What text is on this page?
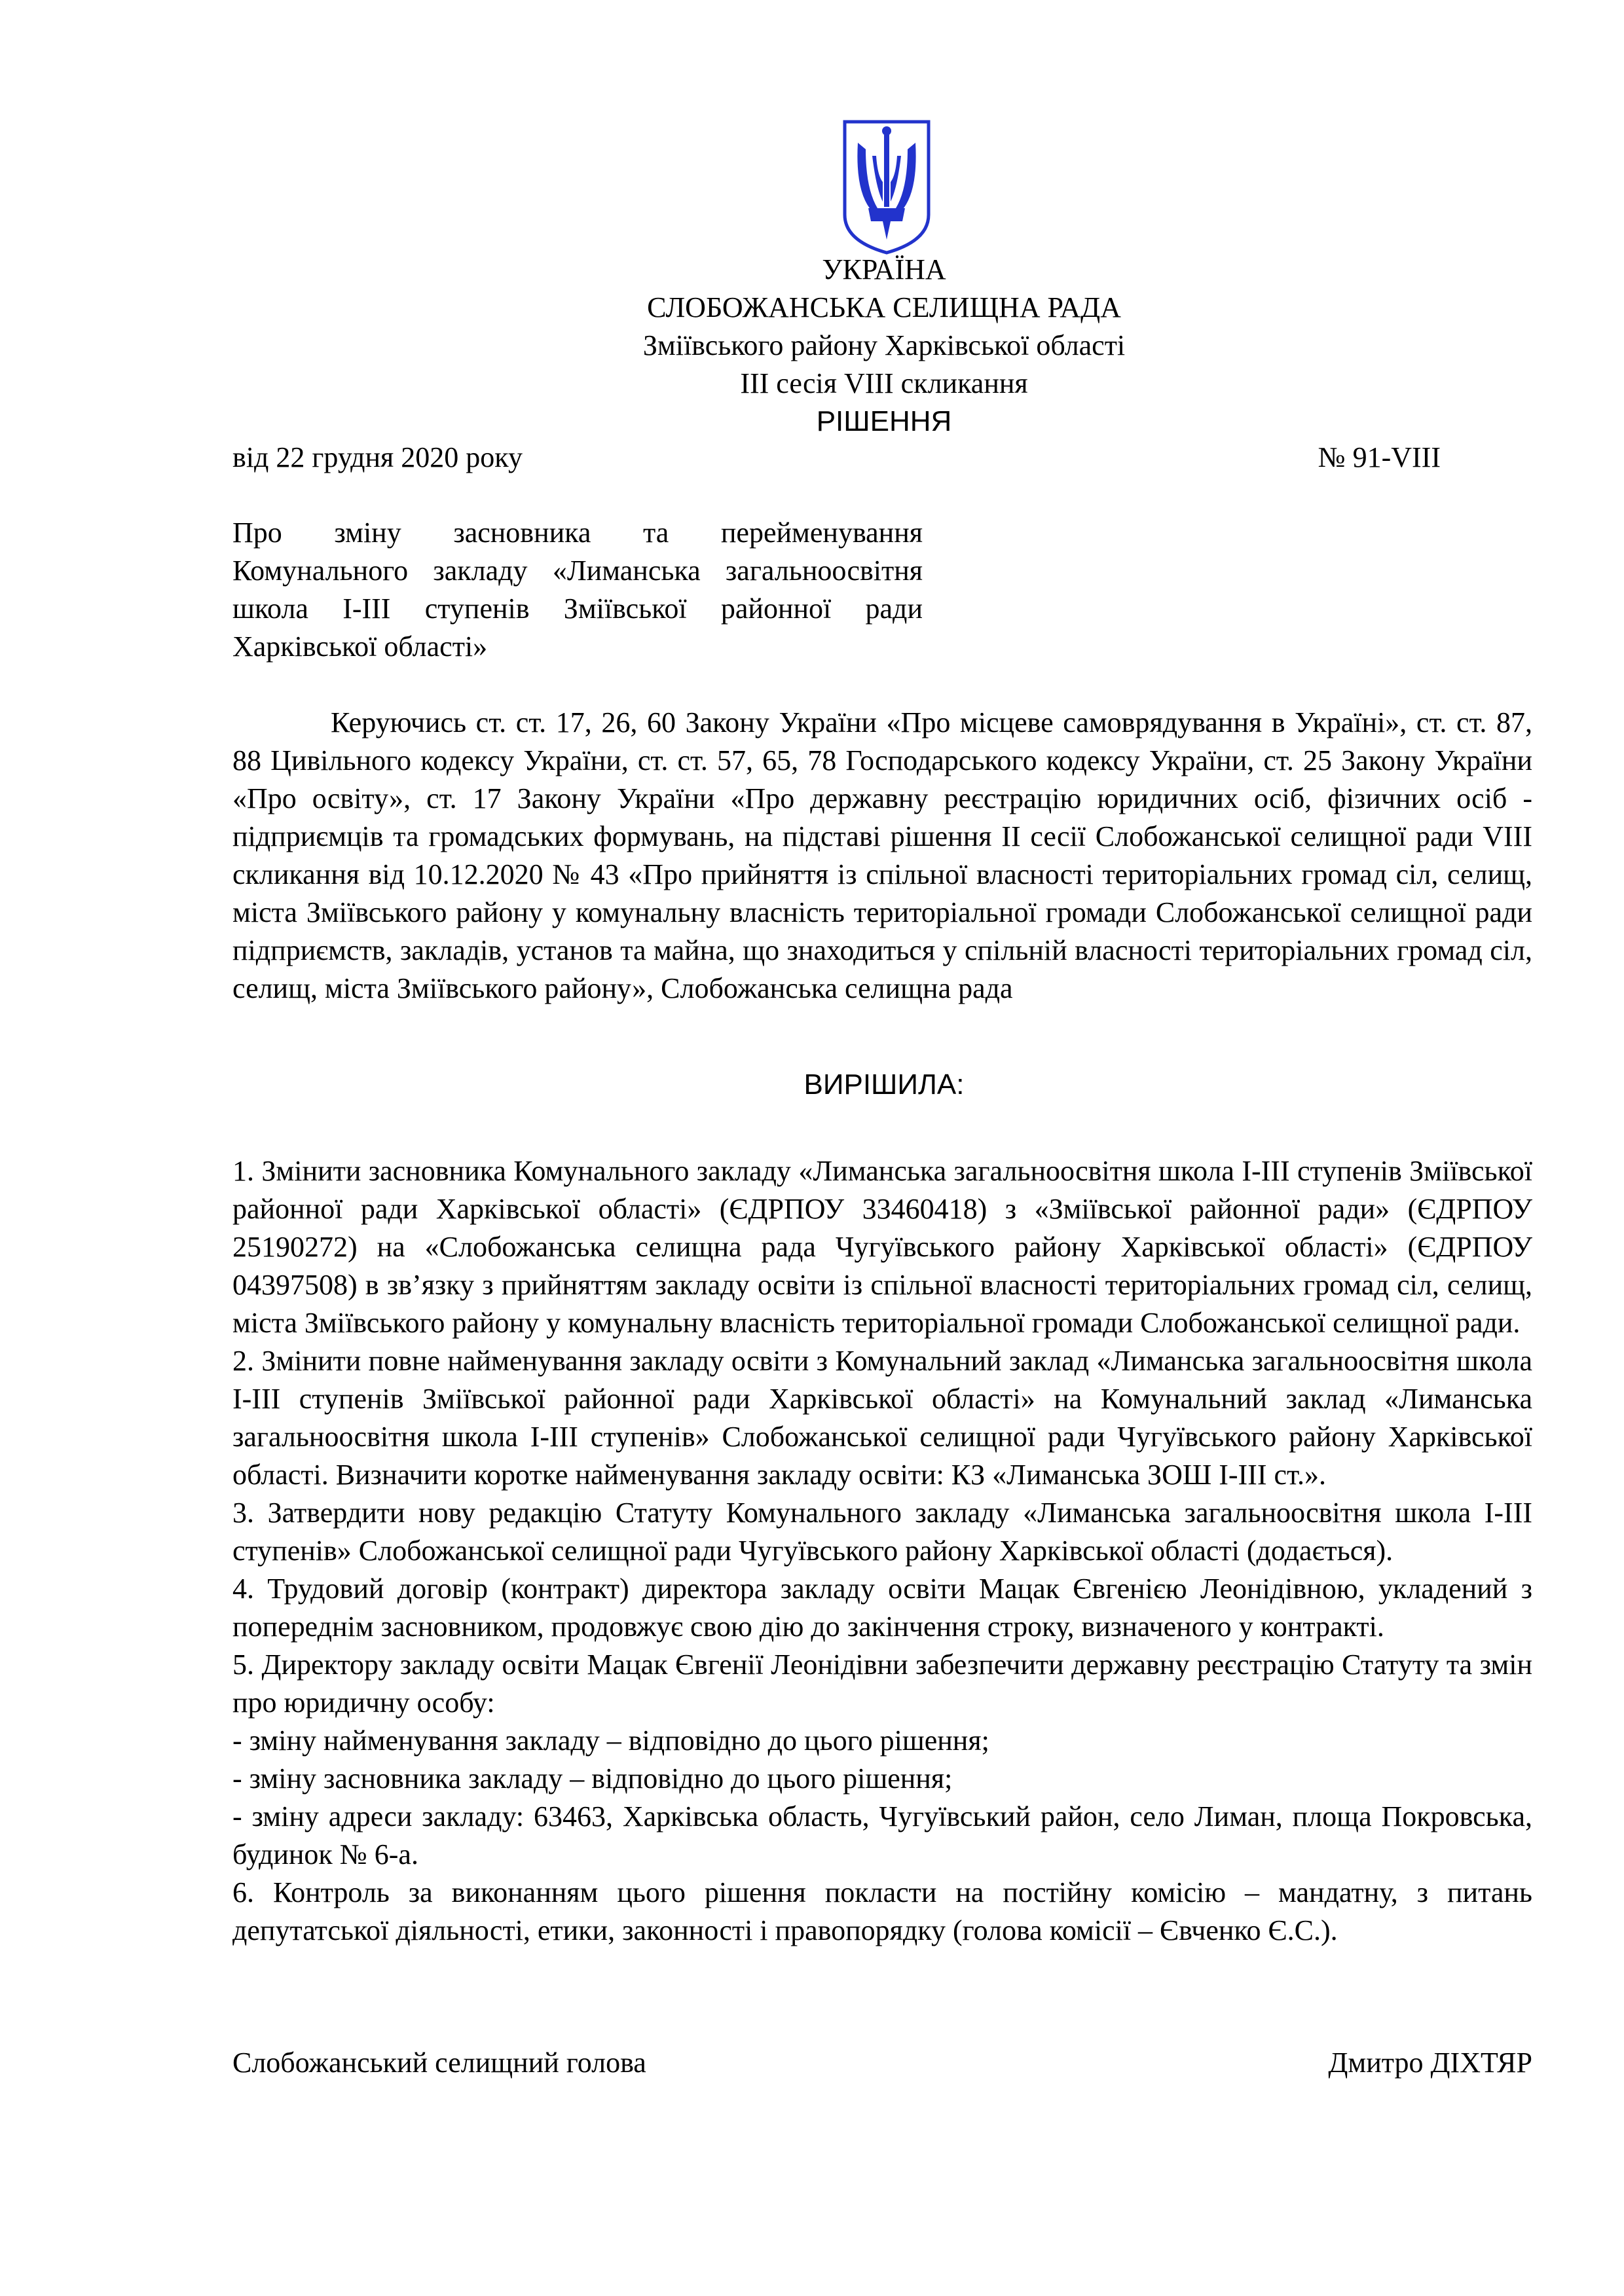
УКРАЇНА
СЛОБОЖАНСЬКА СЕЛИЩНА РАДА
Зміївського району Харківської області
ІІІ сесія VIІІ скликання
РІШЕННЯ
від 22 грудня 2020 року	№ 91-VIIІ
Про зміну засновника та перейменування Комунального закладу «Лиманська загальноосвітня школа І-ІІІ ступенів Зміївської районної ради Харківської області»

Керуючись ст. ст. 17, 26, 60 Закону України «Про місцеве самоврядування в Україні», ст. ст. 87, 88 Цивільного кодексу України, ст. ст. 57, 65, 78 Господарського кодексу України, ст. 25 Закону України «Про освіту», ст. 17 Закону України «Про державну реєстрацію юридичних осіб, фізичних осіб - підприємців та громадських формувань, на підставі рішення ІІ сесії Слобожанської селищної ради VIII скликання від 10.12.2020 № 43 «Про прийняття із спільної власності територіальних громад сіл, селищ, міста Зміївського району у комунальну власність територіальної громади Слобожанської селищної ради підприємств, закладів, установ та майна, що знаходиться у спільній власності територіальних громад сіл, селищ, міста Зміївського району», Слобожанська селищна рада

ВИРІШИЛА:

1. Змінити засновника Комунального закладу «Лиманська загальноосвітня школа І-ІІІ ступенів Зміївської районної ради Харківської області» (ЄДРПОУ 33460418) з «Зміївської районної ради» (ЄДРПОУ 25190272) на «Слобожанська селищна рада Чугуївського району Харківської області» (ЄДРПОУ 04397508) в зв’язку з прийняттям закладу освіти із спільної власності територіальних громад сіл, селищ, міста Зміївського району у комунальну власність територіальної громади Слобожанської селищної ради.

2. Змінити повне найменування закладу освіти з Комунальний заклад «Лиманська загальноосвітня школа І-ІІІ ступенів Зміївської районної ради Харківської області» на Комунальний заклад «Лиманська загальноосвітня школа І-ІІІ ступенів» Слобожанської селищної ради Чугуївського району Харківської області. Визначити коротке найменування закладу освіти: КЗ «Лиманська ЗОШ І-ІІІ ст.».

3. Затвердити нову редакцію Статуту Комунального закладу «Лиманська загальноосвітня школа І-ІІІ ступенів» Слобожанської селищної ради Чугуївського району Харківської області (додається).

4. Трудовий договір (контракт) директора закладу освіти Мацак Євгенією Леонідівною, укладений з попереднім засновником, продовжує свою дію до закінчення строку, визначеного у контракті.

5. Директору закладу освіти Мацак Євгенії Леонідівни забезпечити державну реєстрацію Статуту та змін про юридичну особу:

- зміну найменування закладу – відповідно до цього рішення;

- зміну засновника закладу – відповідно до цього рішення;

- зміну адреси закладу: 63463, Харківська область, Чугуївський район, село Лиман, площа Покровська, будинок № 6-а.

6. Контроль за виконанням цього рішення покласти на постійну комісію – мандатну, з питань депутатської діяльності, етики, законності і правопорядку (голова комісії – Євченко Є.С.).

Слобожанський селищний голова	Дмитро ДІХТЯР
